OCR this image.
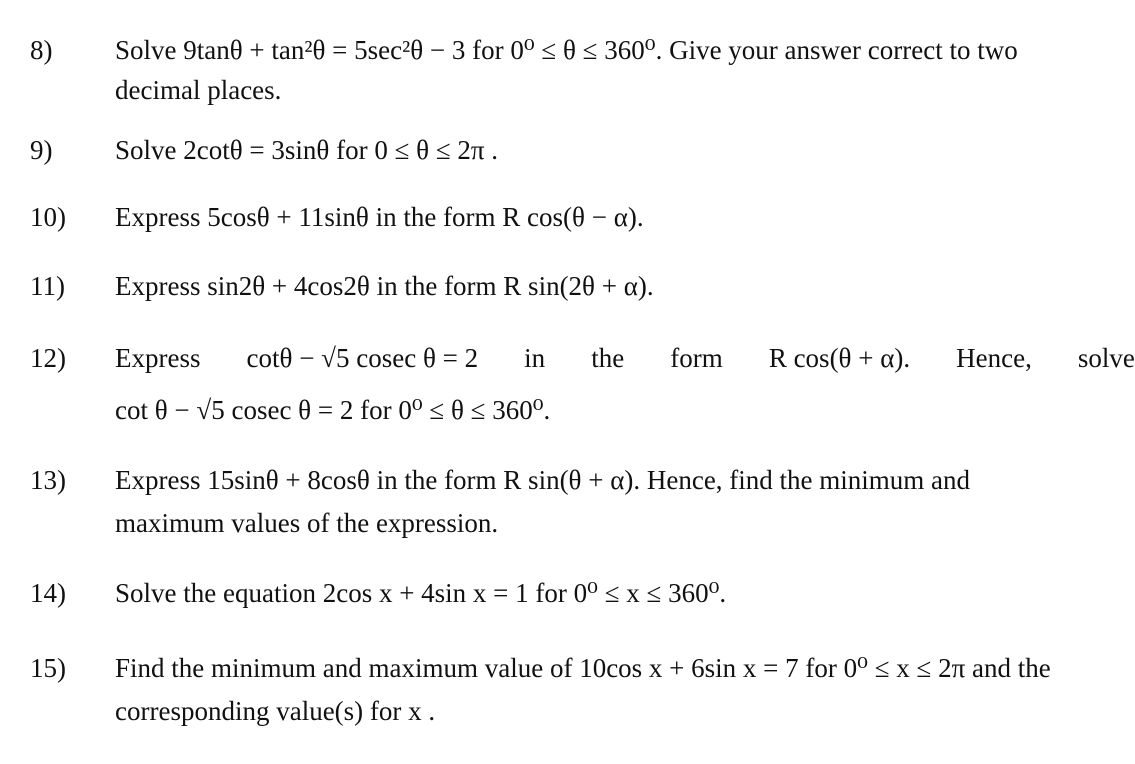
8) Solve 9tanθ + tan²θ = 5sec²θ − 3 for 0⁰ ≤ θ ≤ 360⁰. Give your answer correct to two
decimal places.
9) Solve 2cotθ = 3sinθ for 0 ≤ θ ≤ 2π .
10) Express 5cosθ + 11sinθ in the form R cos(θ − α).
11) Express sin2θ + 4cos2θ in the form R sin(2θ + α).
12) Express cotθ − √5 cosec θ = 2 in the form R cos(θ + α). Hence, solve
cot θ − √5 cosec θ = 2 for 0⁰ ≤ θ ≤ 360⁰.
13) Express 15sinθ + 8cosθ in the form R sin(θ + α). Hence, find the minimum and
maximum values of the expression.
14) Solve the equation 2cos x + 4sin x = 1 for 0⁰ ≤ x ≤ 360⁰.
15) Find the minimum and maximum value of 10cos x + 6sin x = 7 for 0⁰ ≤ x ≤ 2π and the
corresponding value(s) for x .
